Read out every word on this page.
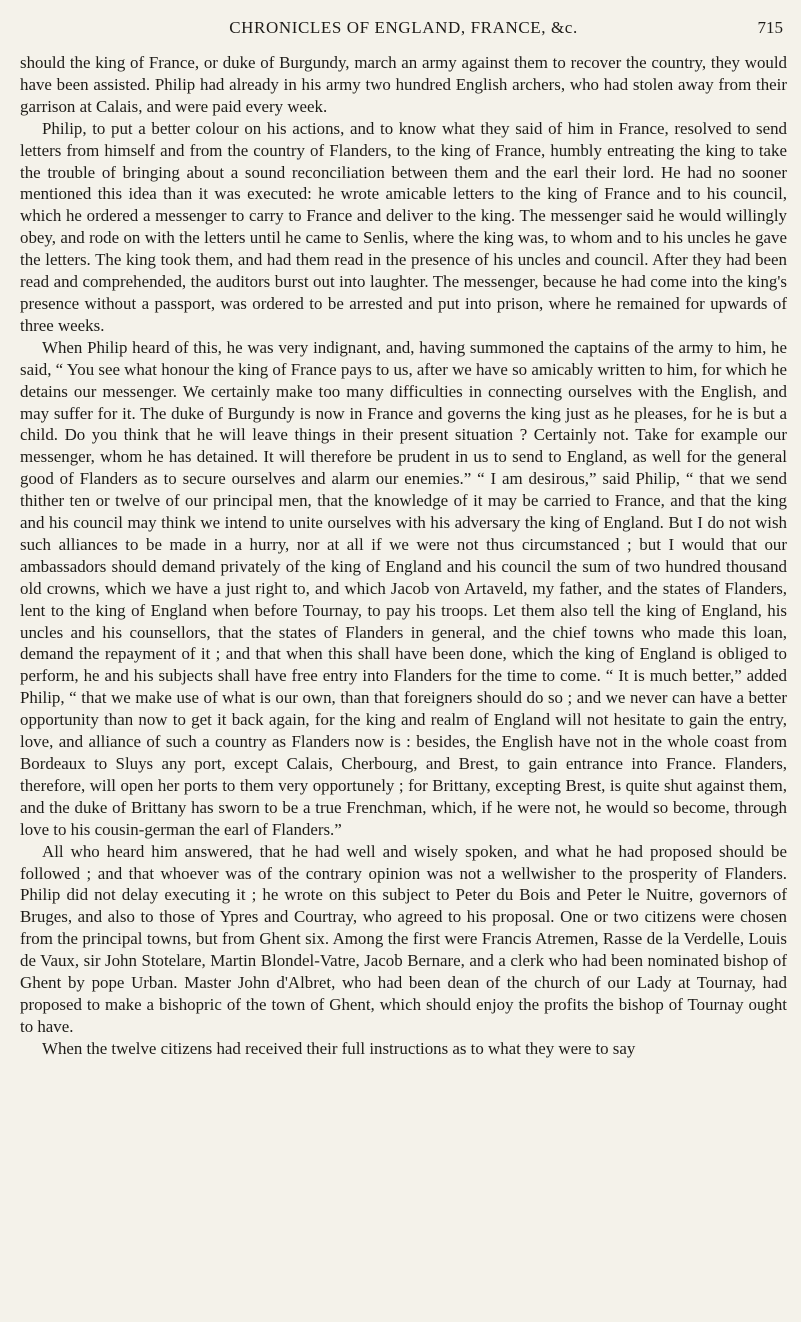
CHRONICLES OF ENGLAND, FRANCE, &c.	715

should the king of France, or duke of Burgundy, march an army against them to recover the country, they would have been assisted. Philip had already in his army two hundred English archers, who had stolen away from their garrison at Calais, and were paid every week.

Philip, to put a better colour on his actions, and to know what they said of him in France, resolved to send letters from himself and from the country of Flanders, to the king of France, humbly entreating the king to take the trouble of bringing about a sound reconciliation between them and the earl their lord. He had no sooner mentioned this idea than it was executed: he wrote amicable letters to the king of France and to his council, which he ordered a messenger to carry to France and deliver to the king. The messenger said he would willingly obey, and rode on with the letters until he came to Senlis, where the king was, to whom and to his uncles he gave the letters. The king took them, and had them read in the presence of his uncles and council. After they had been read and comprehended, the auditors burst out into laughter. The messenger, because he had come into the king's presence without a passport, was ordered to be arrested and put into prison, where he remained for upwards of three weeks.

When Philip heard of this, he was very indignant, and, having summoned the captains of the army to him, he said, “ You see what honour the king of France pays to us, after we have so amicably written to him, for which he detains our messenger. We certainly make too many difficulties in connecting ourselves with the English, and may suffer for it. The duke of Burgundy is now in France and governs the king just as he pleases, for he is but a child. Do you think that he will leave things in their present situation ? Certainly not. Take for example our messenger, whom he has detained. It will therefore be prudent in us to send to England, as well for the general good of Flanders as to secure ourselves and alarm our enemies.” “ I am desirous,” said Philip, “ that we send thither ten or twelve of our principal men, that the knowledge of it may be carried to France, and that the king and his council may think we intend to unite ourselves with his adversary the king of England. But I do not wish such alliances to be made in a hurry, nor at all if we were not thus circumstanced ; but I would that our ambassadors should demand privately of the king of England and his council the sum of two hundred thousand old crowns, which we have a just right to, and which Jacob von Artaveld, my father, and the states of Flanders, lent to the king of England when before Tournay, to pay his troops. Let them also tell the king of England, his uncles and his counsellors, that the states of Flanders in general, and the chief towns who made this loan, demand the repayment of it ; and that when this shall have been done, which the king of England is obliged to perform, he and his subjects shall have free entry into Flanders for the time to come. “ It is much better,” added Philip, “ that we make use of what is our own, than that foreigners should do so ; and we never can have a better opportunity than now to get it back again, for the king and realm of England will not hesitate to gain the entry, love, and alliance of such a country as Flanders now is : besides, the English have not in the whole coast from Bordeaux to Sluys any port, except Calais, Cherbourg, and Brest, to gain entrance into France. Flanders, therefore, will open her ports to them very opportunely ; for Brittany, excepting Brest, is quite shut against them, and the duke of Brittany has sworn to be a true Frenchman, which, if he were not, he would so become, through love to his cousin-german the earl of Flanders.”

All who heard him answered, that he had well and wisely spoken, and what he had proposed should be followed ; and that whoever was of the contrary opinion was not a wellwisher to the prosperity of Flanders. Philip did not delay executing it ; he wrote on this subject to Peter du Bois and Peter le Nuitre, governors of Bruges, and also to those of Ypres and Courtray, who agreed to his proposal. One or two citizens were chosen from the principal towns, but from Ghent six. Among the first were Francis Atremen, Rasse de la Verdelle, Louis de Vaux, sir John Stotelare, Martin Blondel-Vatre, Jacob Bernare, and a clerk who had been nominated bishop of Ghent by pope Urban. Master John d'Albret, who had been dean of the church of our Lady at Tournay, had proposed to make a bishopric of the town of Ghent, which should enjoy the profits the bishop of Tournay ought to have.

When the twelve citizens had received their full instructions as to what they were to say
